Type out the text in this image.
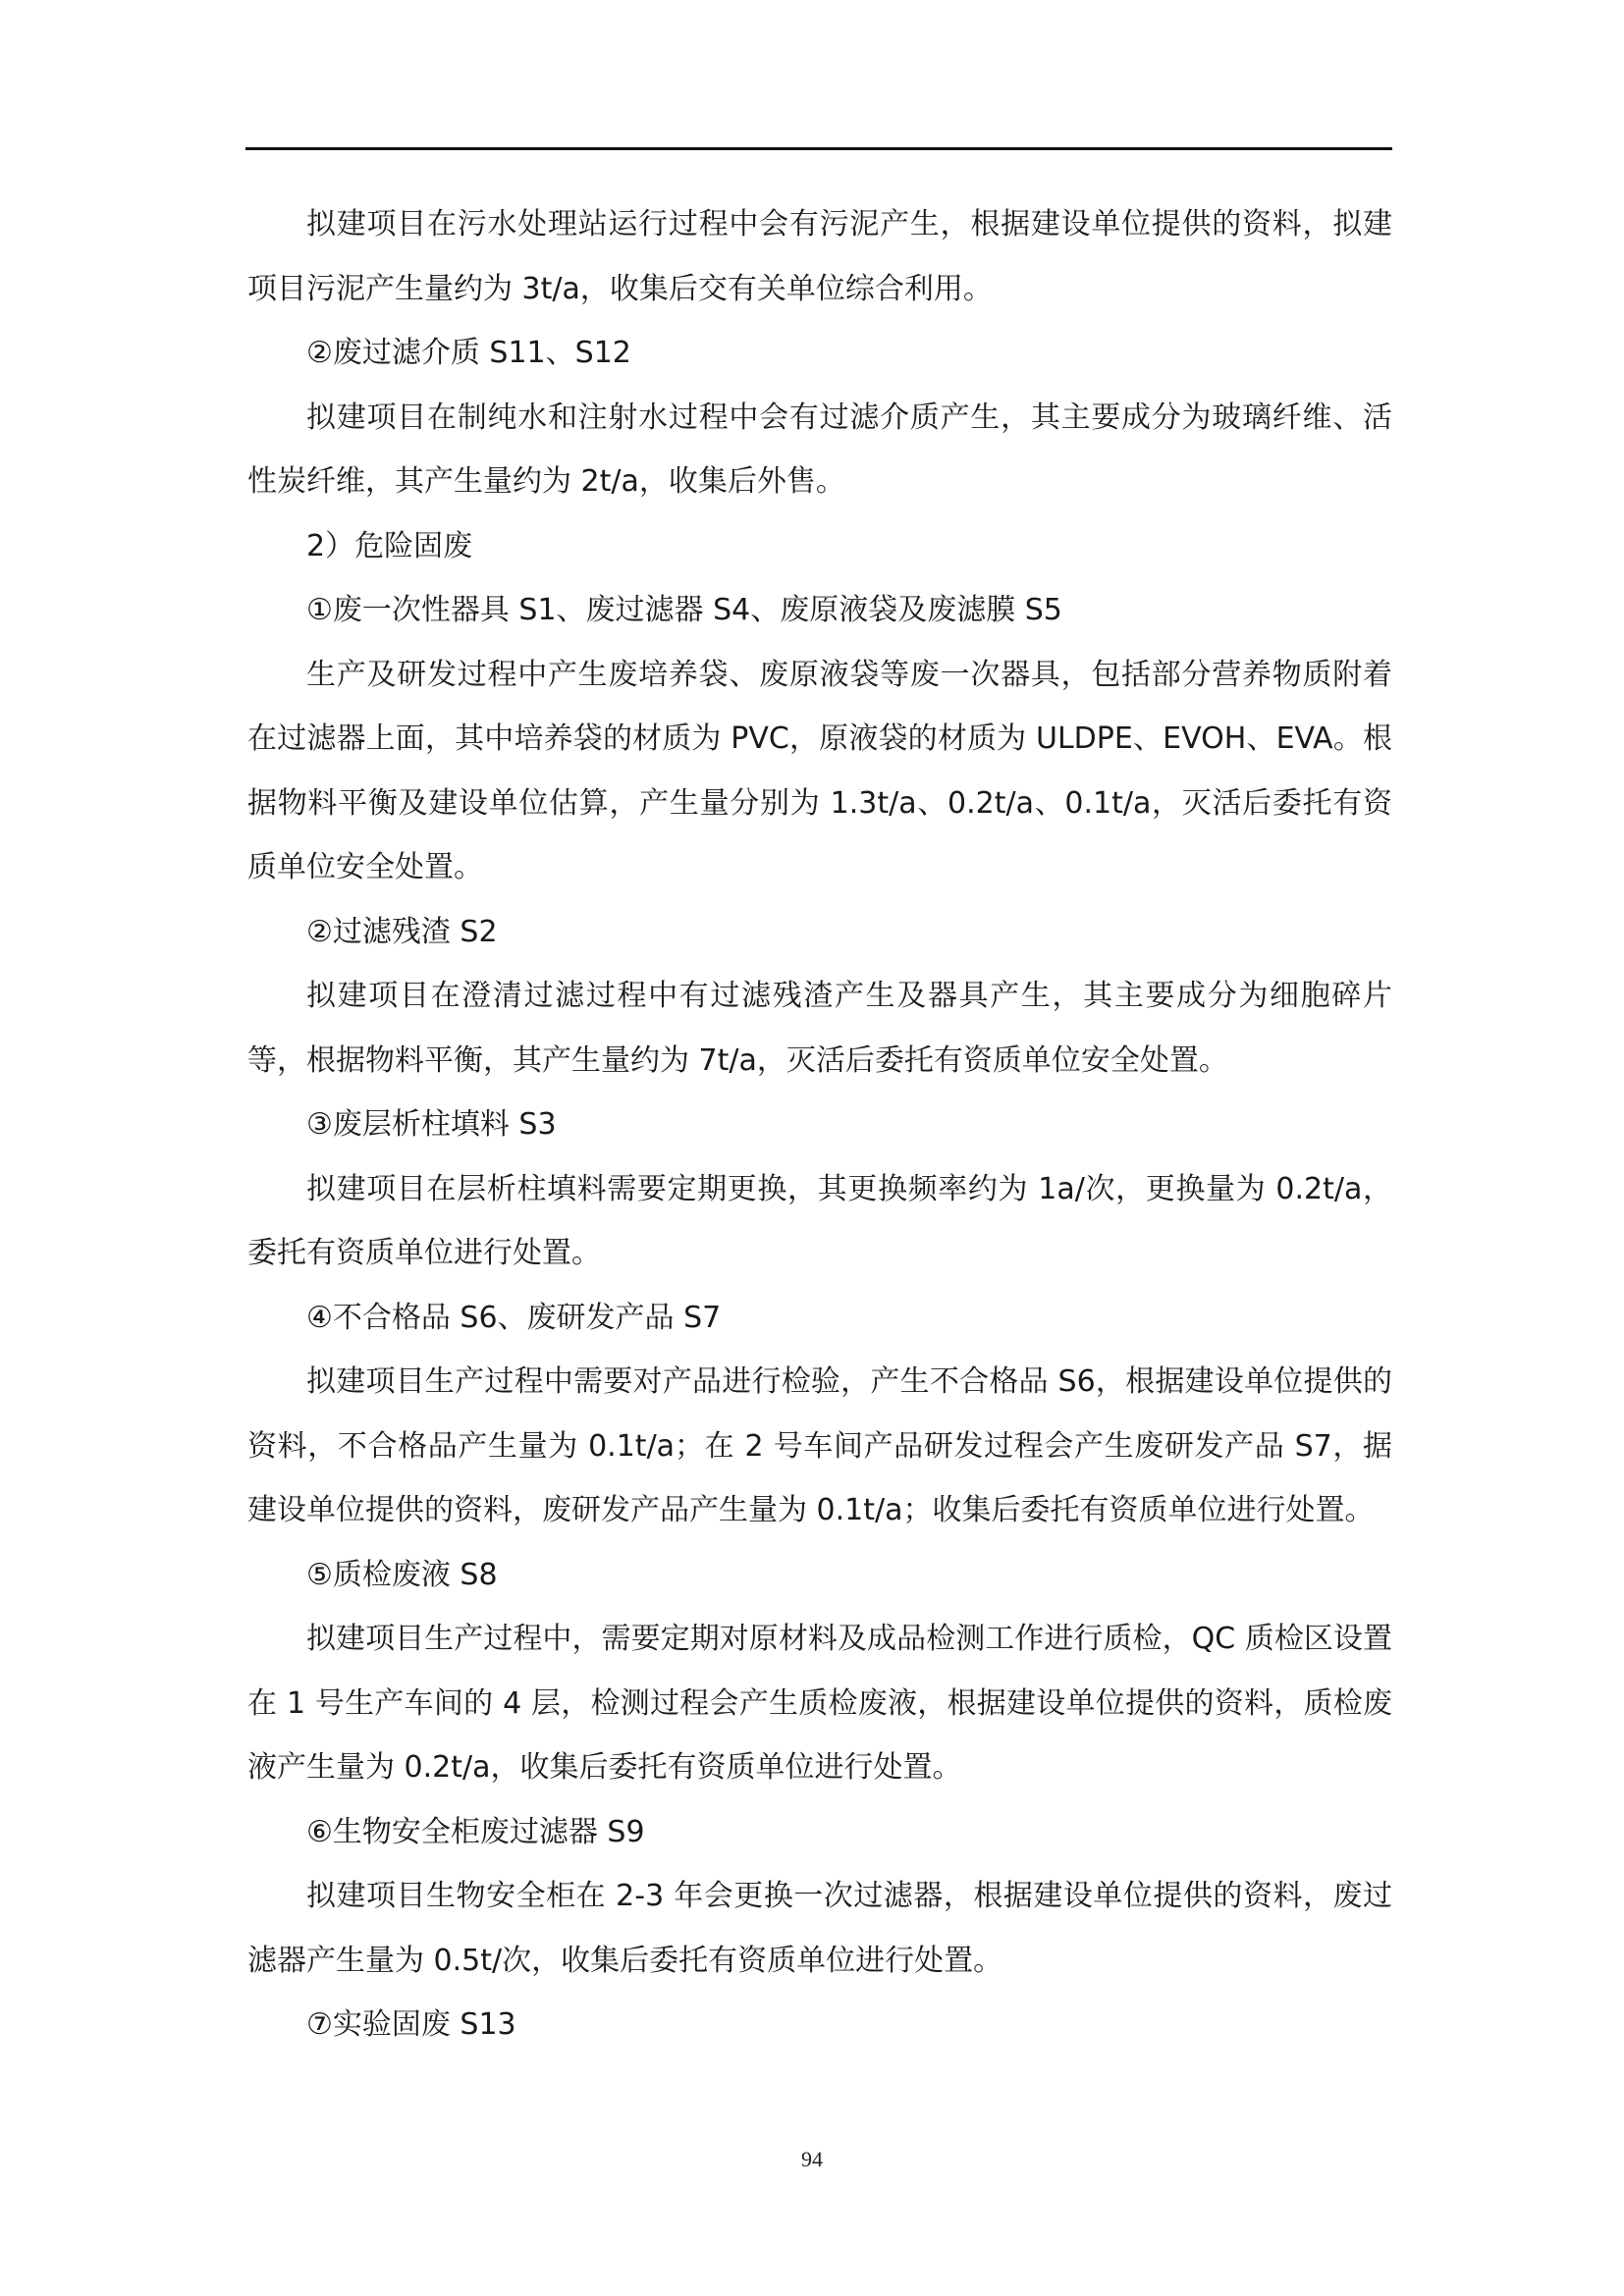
拟建项目在污水处理站运行过程中会有污泥产生，根据建设单位提供的资料，拟建项目污泥产生量约为 3t/a，收集后交有关单位综合利用。

②废过滤介质 S11、S12

拟建项目在制纯水和注射水过程中会有过滤介质产生，其主要成分为玻璃纤维、活性炭纤维，其产生量约为 2t/a，收集后外售。

2）危险固废

①废一次性器具 S1、废过滤器 S4、废原液袋及废滤膜 S5

生产及研发过程中产生废培养袋、废原液袋等废一次器具，包括部分营养物质附着在过滤器上面，其中培养袋的材质为 PVC，原液袋的材质为 ULDPE、EVOH、EVA。根据物料平衡及建设单位估算，产生量分别为 1.3t/a、0.2t/a、0.1t/a，灭活后委托有资质单位安全处置。

②过滤残渣 S2

拟建项目在澄清过滤过程中有过滤残渣产生及器具产生，其主要成分为细胞碎片等，根据物料平衡，其产生量约为 7t/a，灭活后委托有资质单位安全处置。

③废层析柱填料 S3

拟建项目在层析柱填料需要定期更换，其更换频率约为 1a/次，更换量为 0.2t/a，委托有资质单位进行处置。

④不合格品 S6、废研发产品 S7

拟建项目生产过程中需要对产品进行检验，产生不合格品 S6，根据建设单位提供的资料，不合格品产生量为 0.1t/a；在 2 号车间产品研发过程会产生废研发产品 S7，据建设单位提供的资料，废研发产品产生量为 0.1t/a；收集后委托有资质单位进行处置。

⑤质检废液 S8

拟建项目生产过程中，需要定期对原材料及成品检测工作进行质检，QC 质检区设置在 1 号生产车间的 4 层，检测过程会产生质检废液，根据建设单位提供的资料，质检废液产生量为 0.2t/a，收集后委托有资质单位进行处置。

⑥生物安全柜废过滤器 S9

拟建项目生物安全柜在 2-3 年会更换一次过滤器，根据建设单位提供的资料，废过滤器产生量为 0.5t/次，收集后委托有资质单位进行处置。

⑦实验固废 S13

94
